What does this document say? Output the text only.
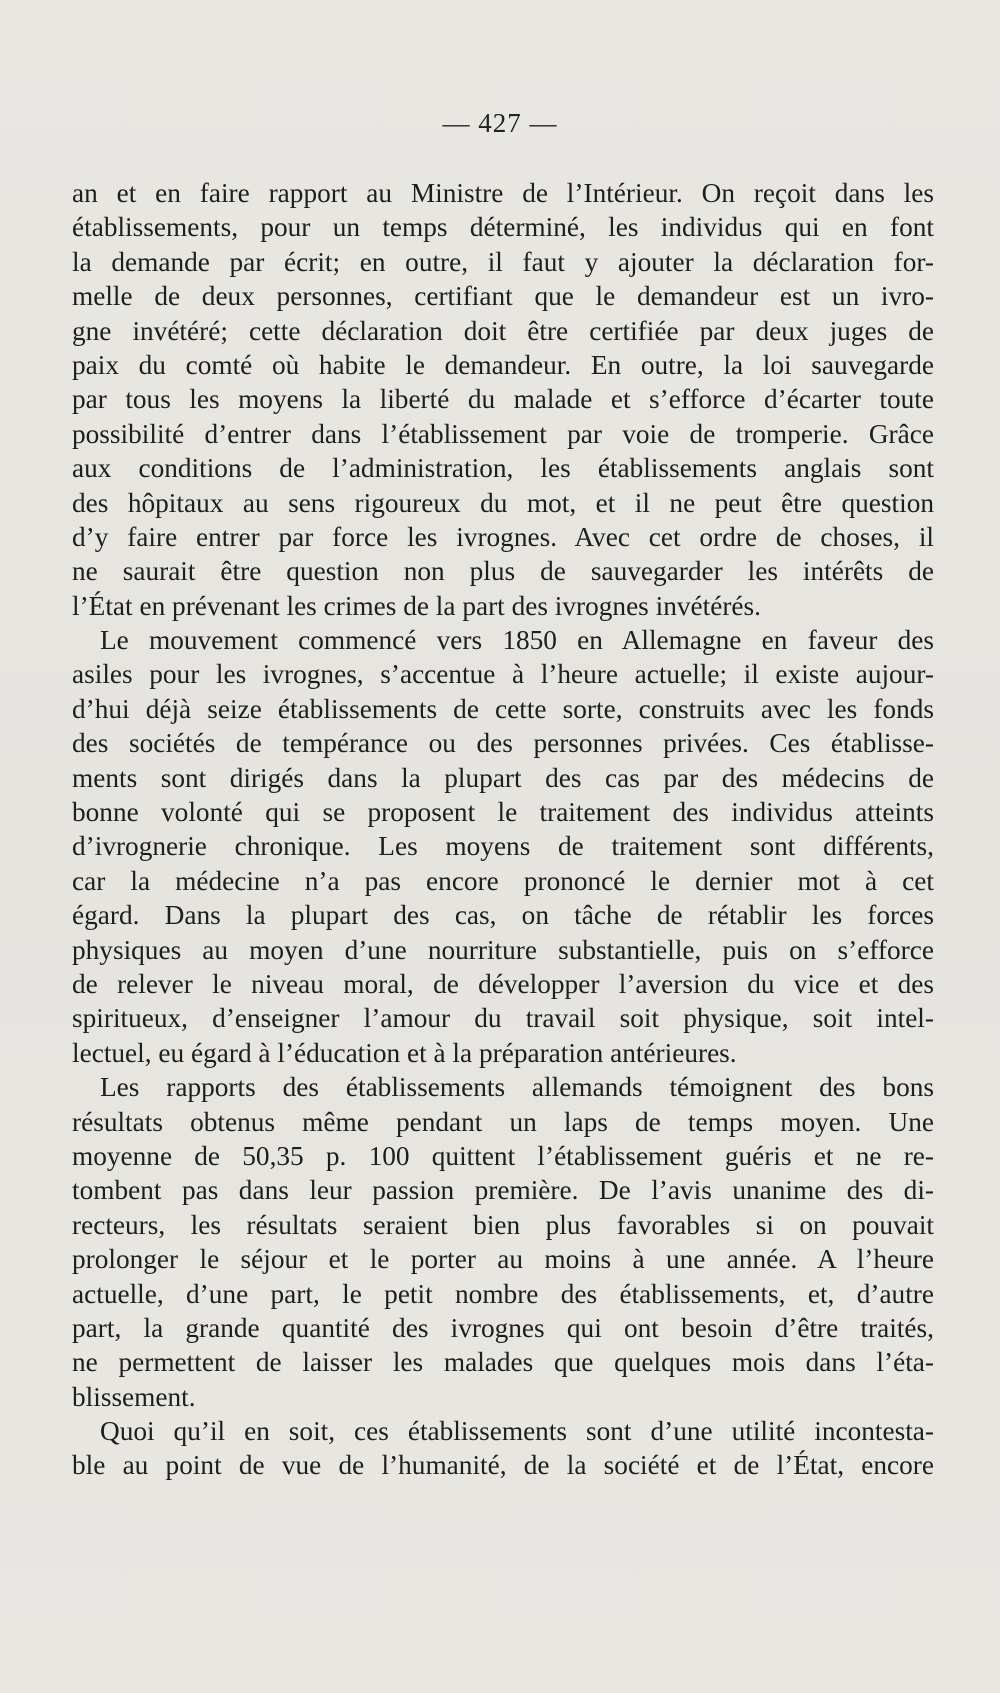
— 427 —
an et en faire rapport au Ministre de l’Intérieur. On reçoit dans les
établissements, pour un temps déterminé, les individus qui en font
la demande par écrit; en outre, il faut y ajouter la déclaration for-
melle de deux personnes, certifiant que le demandeur est un ivro-
gne invétéré; cette déclaration doit être certifiée par deux juges de
paix du comté où habite le demandeur. En outre, la loi sauvegarde
par tous les moyens la liberté du malade et s’efforce d’écarter toute
possibilité d’entrer dans l’établissement par voie de tromperie. Grâce
aux conditions de l’administration, les établissements anglais sont
des hôpitaux au sens rigoureux du mot, et il ne peut être question
d’y faire entrer par force les ivrognes. Avec cet ordre de choses, il
ne saurait être question non plus de sauvegarder les intérêts de
l’État en prévenant les crimes de la part des ivrognes invétérés.
Le mouvement commencé vers 1850 en Allemagne en faveur des
asiles pour les ivrognes, s’accentue à l’heure actuelle; il existe aujour-
d’hui déjà seize établissements de cette sorte, construits avec les fonds
des sociétés de tempérance ou des personnes privées. Ces établisse-
ments sont dirigés dans la plupart des cas par des médecins de
bonne volonté qui se proposent le traitement des individus atteints
d’ivrognerie chronique. Les moyens de traitement sont différents,
car la médecine n’a pas encore prononcé le dernier mot à cet
égard. Dans la plupart des cas, on tâche de rétablir les forces
physiques au moyen d’une nourriture substantielle, puis on s’efforce
de relever le niveau moral, de développer l’aversion du vice et des
spiritueux, d’enseigner l’amour du travail soit physique, soit intel-
lectuel, eu égard à l’éducation et à la préparation antérieures.
Les rapports des établissements allemands témoignent des bons
résultats obtenus même pendant un laps de temps moyen. Une
moyenne de 50,35 p. 100 quittent l’établissement guéris et ne re-
tombent pas dans leur passion première. De l’avis unanime des di-
recteurs, les résultats seraient bien plus favorables si on pouvait
prolonger le séjour et le porter au moins à une année. A l’heure
actuelle, d’une part, le petit nombre des établissements, et, d’autre
part, la grande quantité des ivrognes qui ont besoin d’être traités,
ne permettent de laisser les malades que quelques mois dans l’éta-
blissement.
Quoi qu’il en soit, ces établissements sont d’une utilité incontesta-
ble au point de vue de l’humanité, de la société et de l’État, encore
